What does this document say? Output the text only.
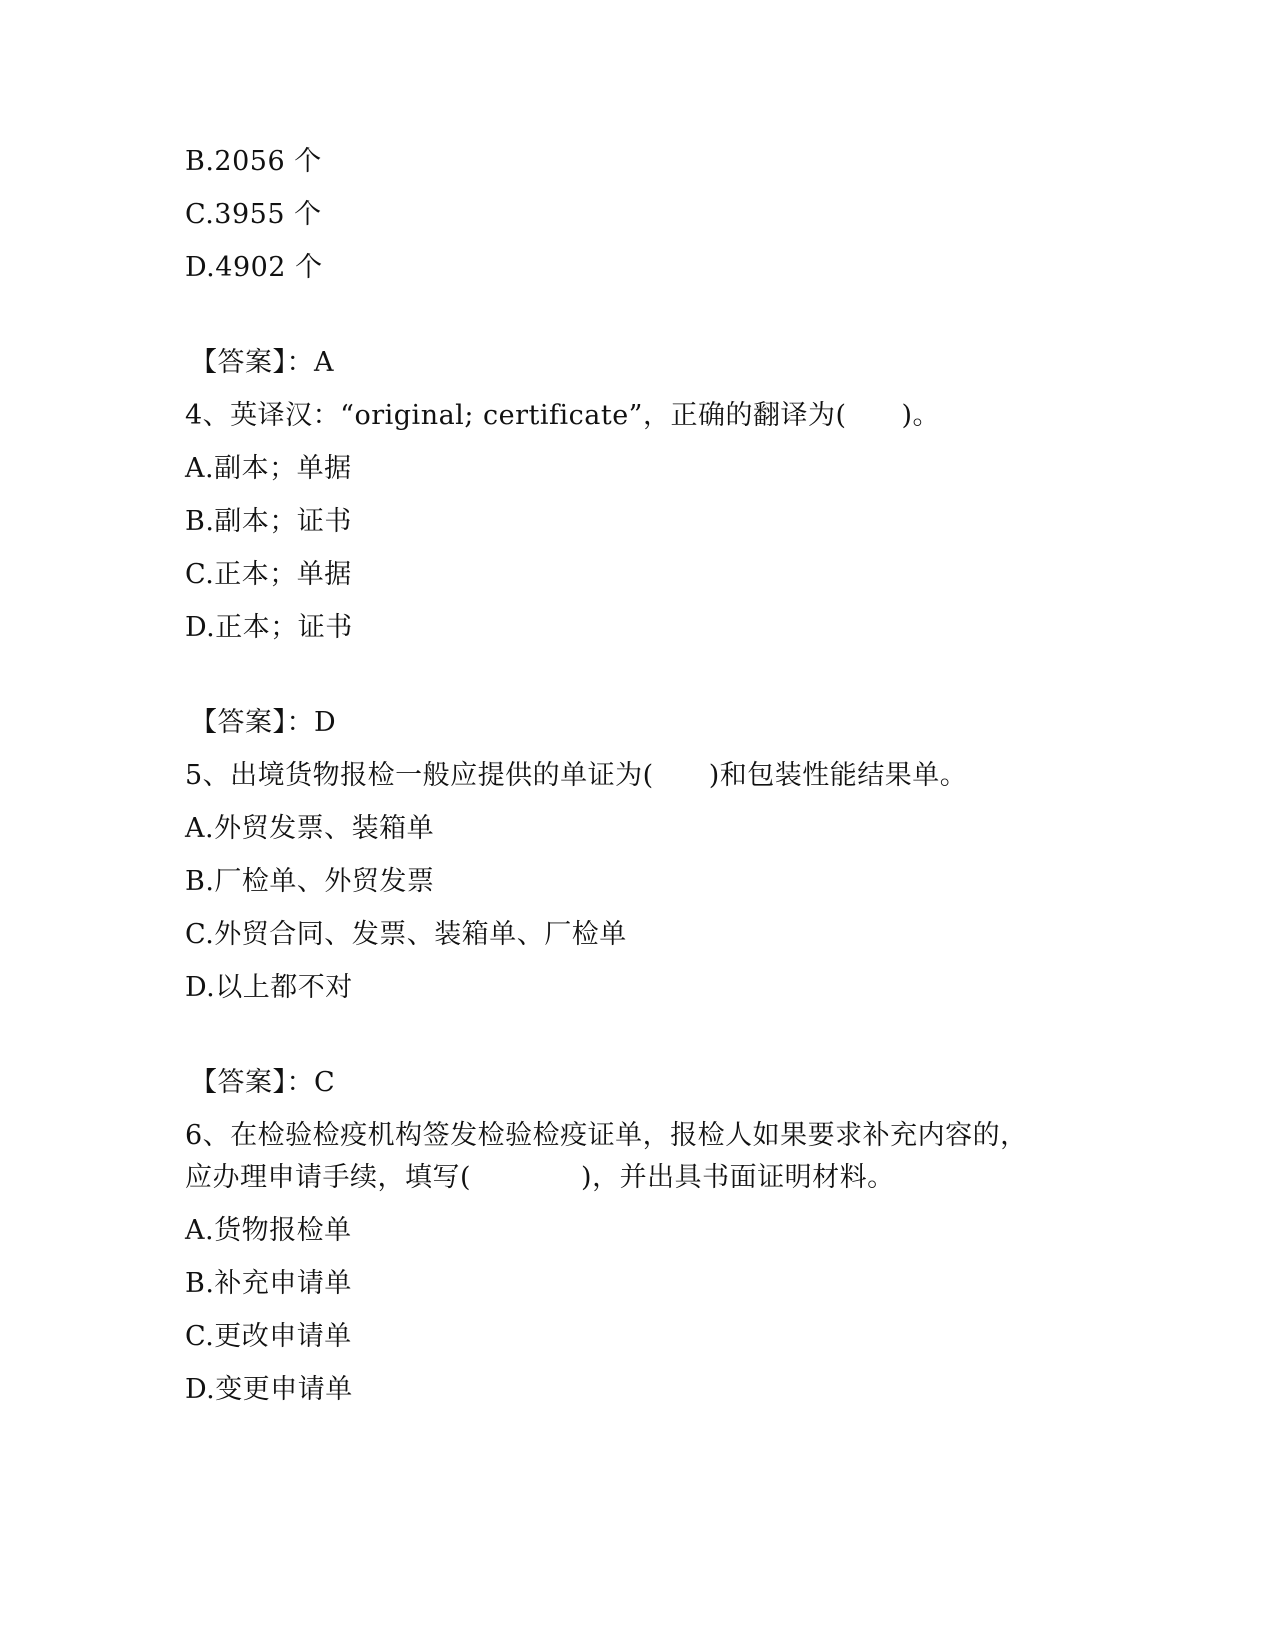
B.2056 个
C.3955 个
D.4902 个
【答案】：A
4、英译汉：“original; certificate”，正确的翻译为(　　)。
A.副本；单据
B.副本；证书
C.正本；单据
D.正本；证书
【答案】：D
5、出境货物报检一般应提供的单证为(　　)和包装性能结果单。
A.外贸发票、装箱单
B.厂检单、外贸发票
C.外贸合同、发票、装箱单、厂检单
D.以上都不对
【答案】：C
6、在检验检疫机构签发检验检疫证单，报检人如果要求补充内容的，
应办理申请手续，填写(　　　　)，并出具书面证明材料。
A.货物报检单
B.补充申请单
C.更改申请单
D.变更申请单
